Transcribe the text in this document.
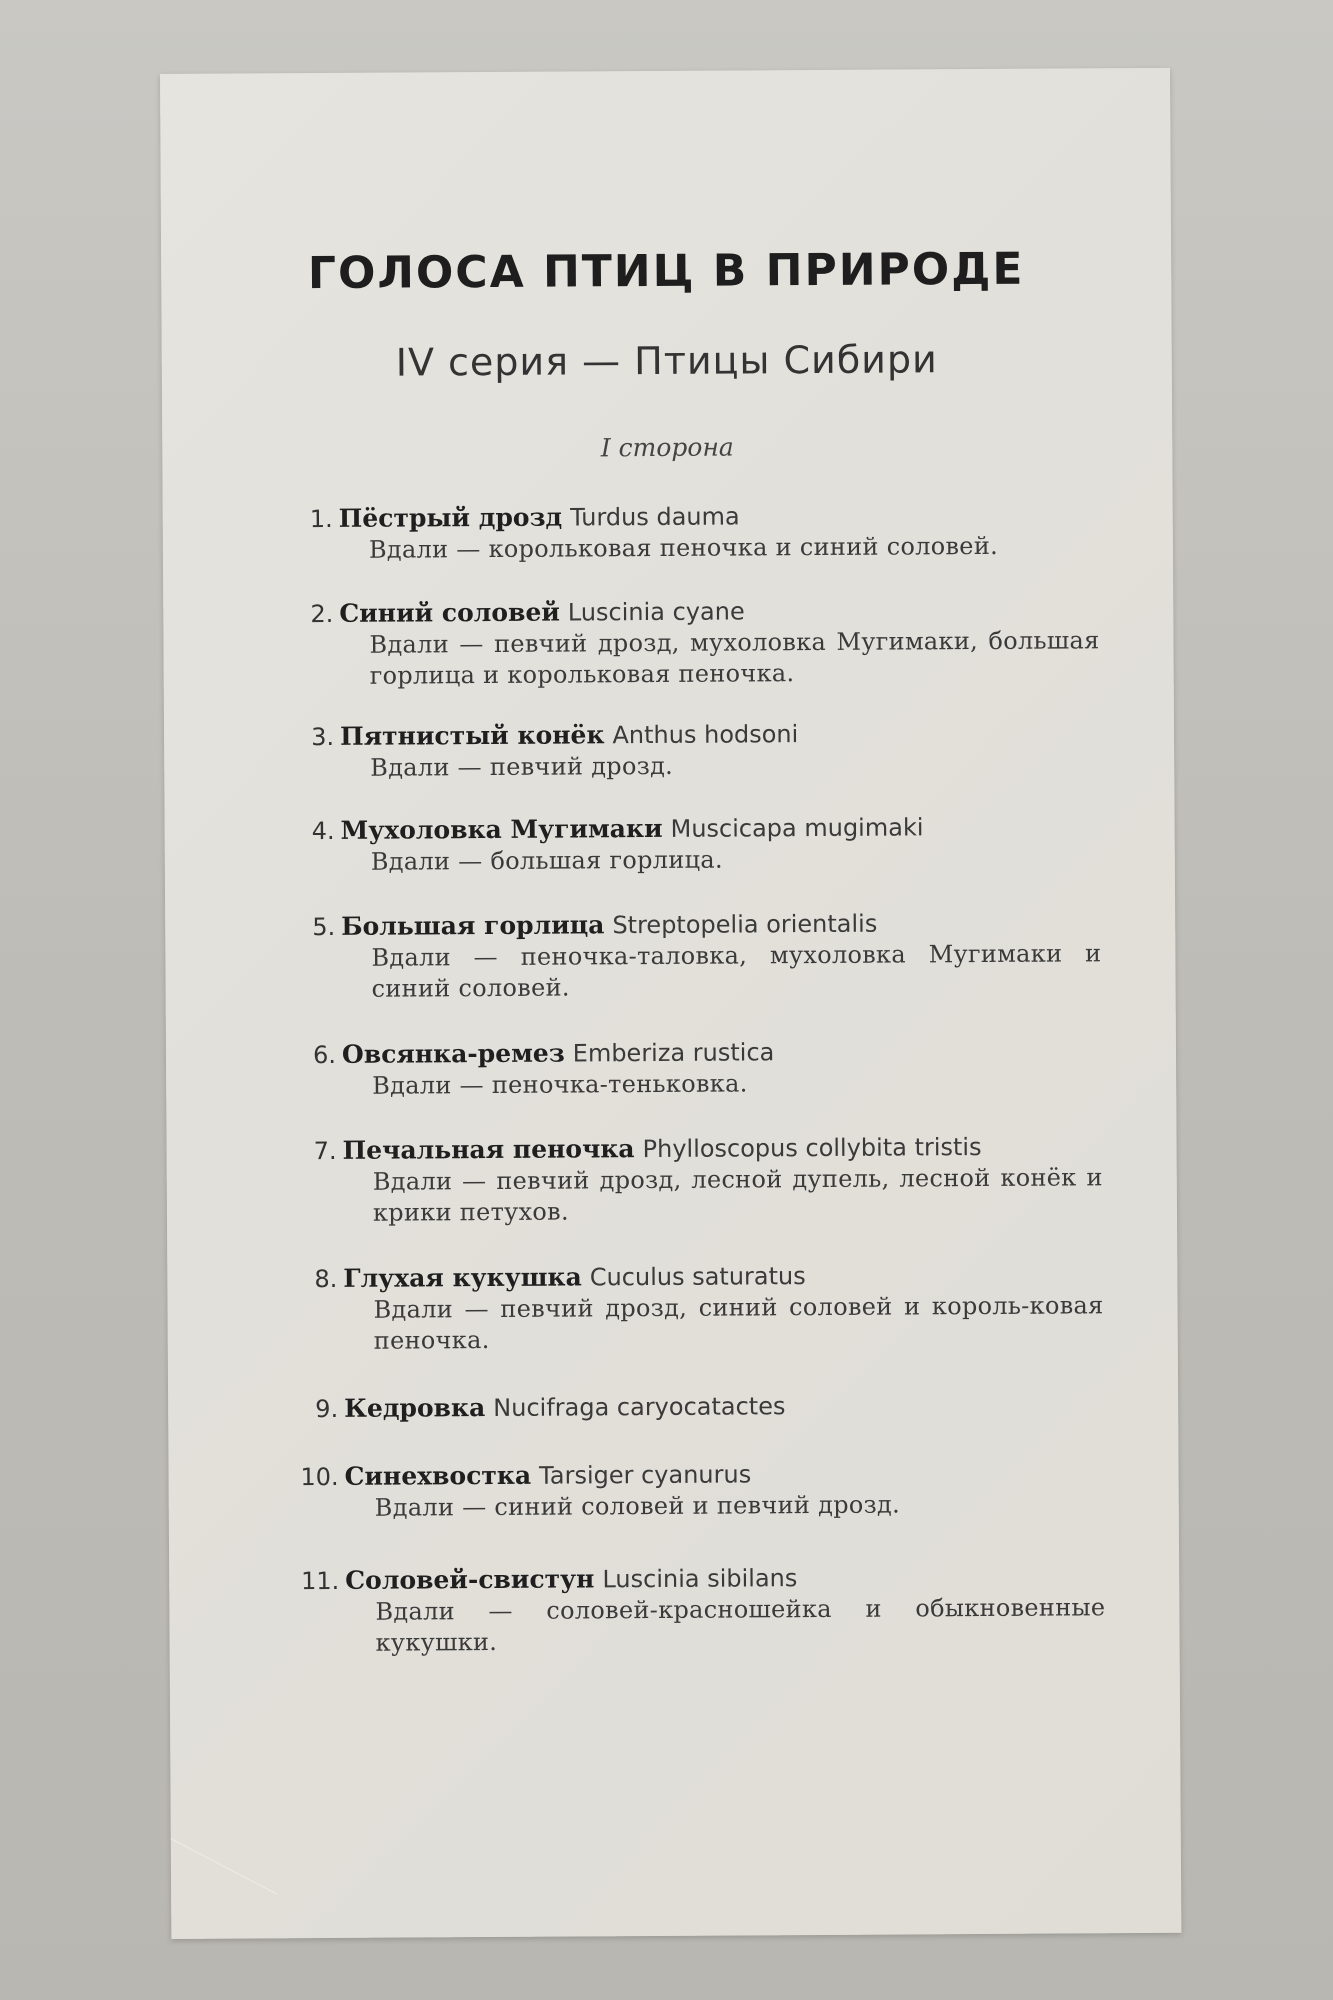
ГОЛОСА ПТИЦ В ПРИРОДЕ
IV серия — Птицы Сибири
I сторона
1. Пёстрый дрозд Turdus dauma
Вдали — корольковая пеночка и синий соловей.
2. Синий соловей Luscinia cyane
Вдали — певчий дрозд, мухоловка Мугимаки, большая горлица и корольковая пеночка.
3. Пятнистый конёк Anthus hodsoni
Вдали — певчий дрозд.
4. Мухоловка Мугимаки Muscicapa mugimaki
Вдали — большая горлица.
5. Большая горлица Streptopelia orientalis
Вдали — пеночка-таловка, мухоловка Мугимаки и синий соловей.
6. Овсянка-ремез Emberiza rustica
Вдали — пеночка-теньковка.
7. Печальная пеночка Phylloscopus collybita tristis
Вдали — певчий дрозд, лесной дупель, лесной конёк и крики петухов.
8. Глухая кукушка Cuculus saturatus
Вдали — певчий дрозд, синий соловей и король-ковая пеночка.
9. Кедровка Nucifraga caryocatactes
10. Синехвостка Tarsiger cyanurus
Вдали — синий соловей и певчий дрозд.
11. Соловей-свистун Luscinia sibilans
Вдали — соловей-красношейка и обыкновенные кукушки.
